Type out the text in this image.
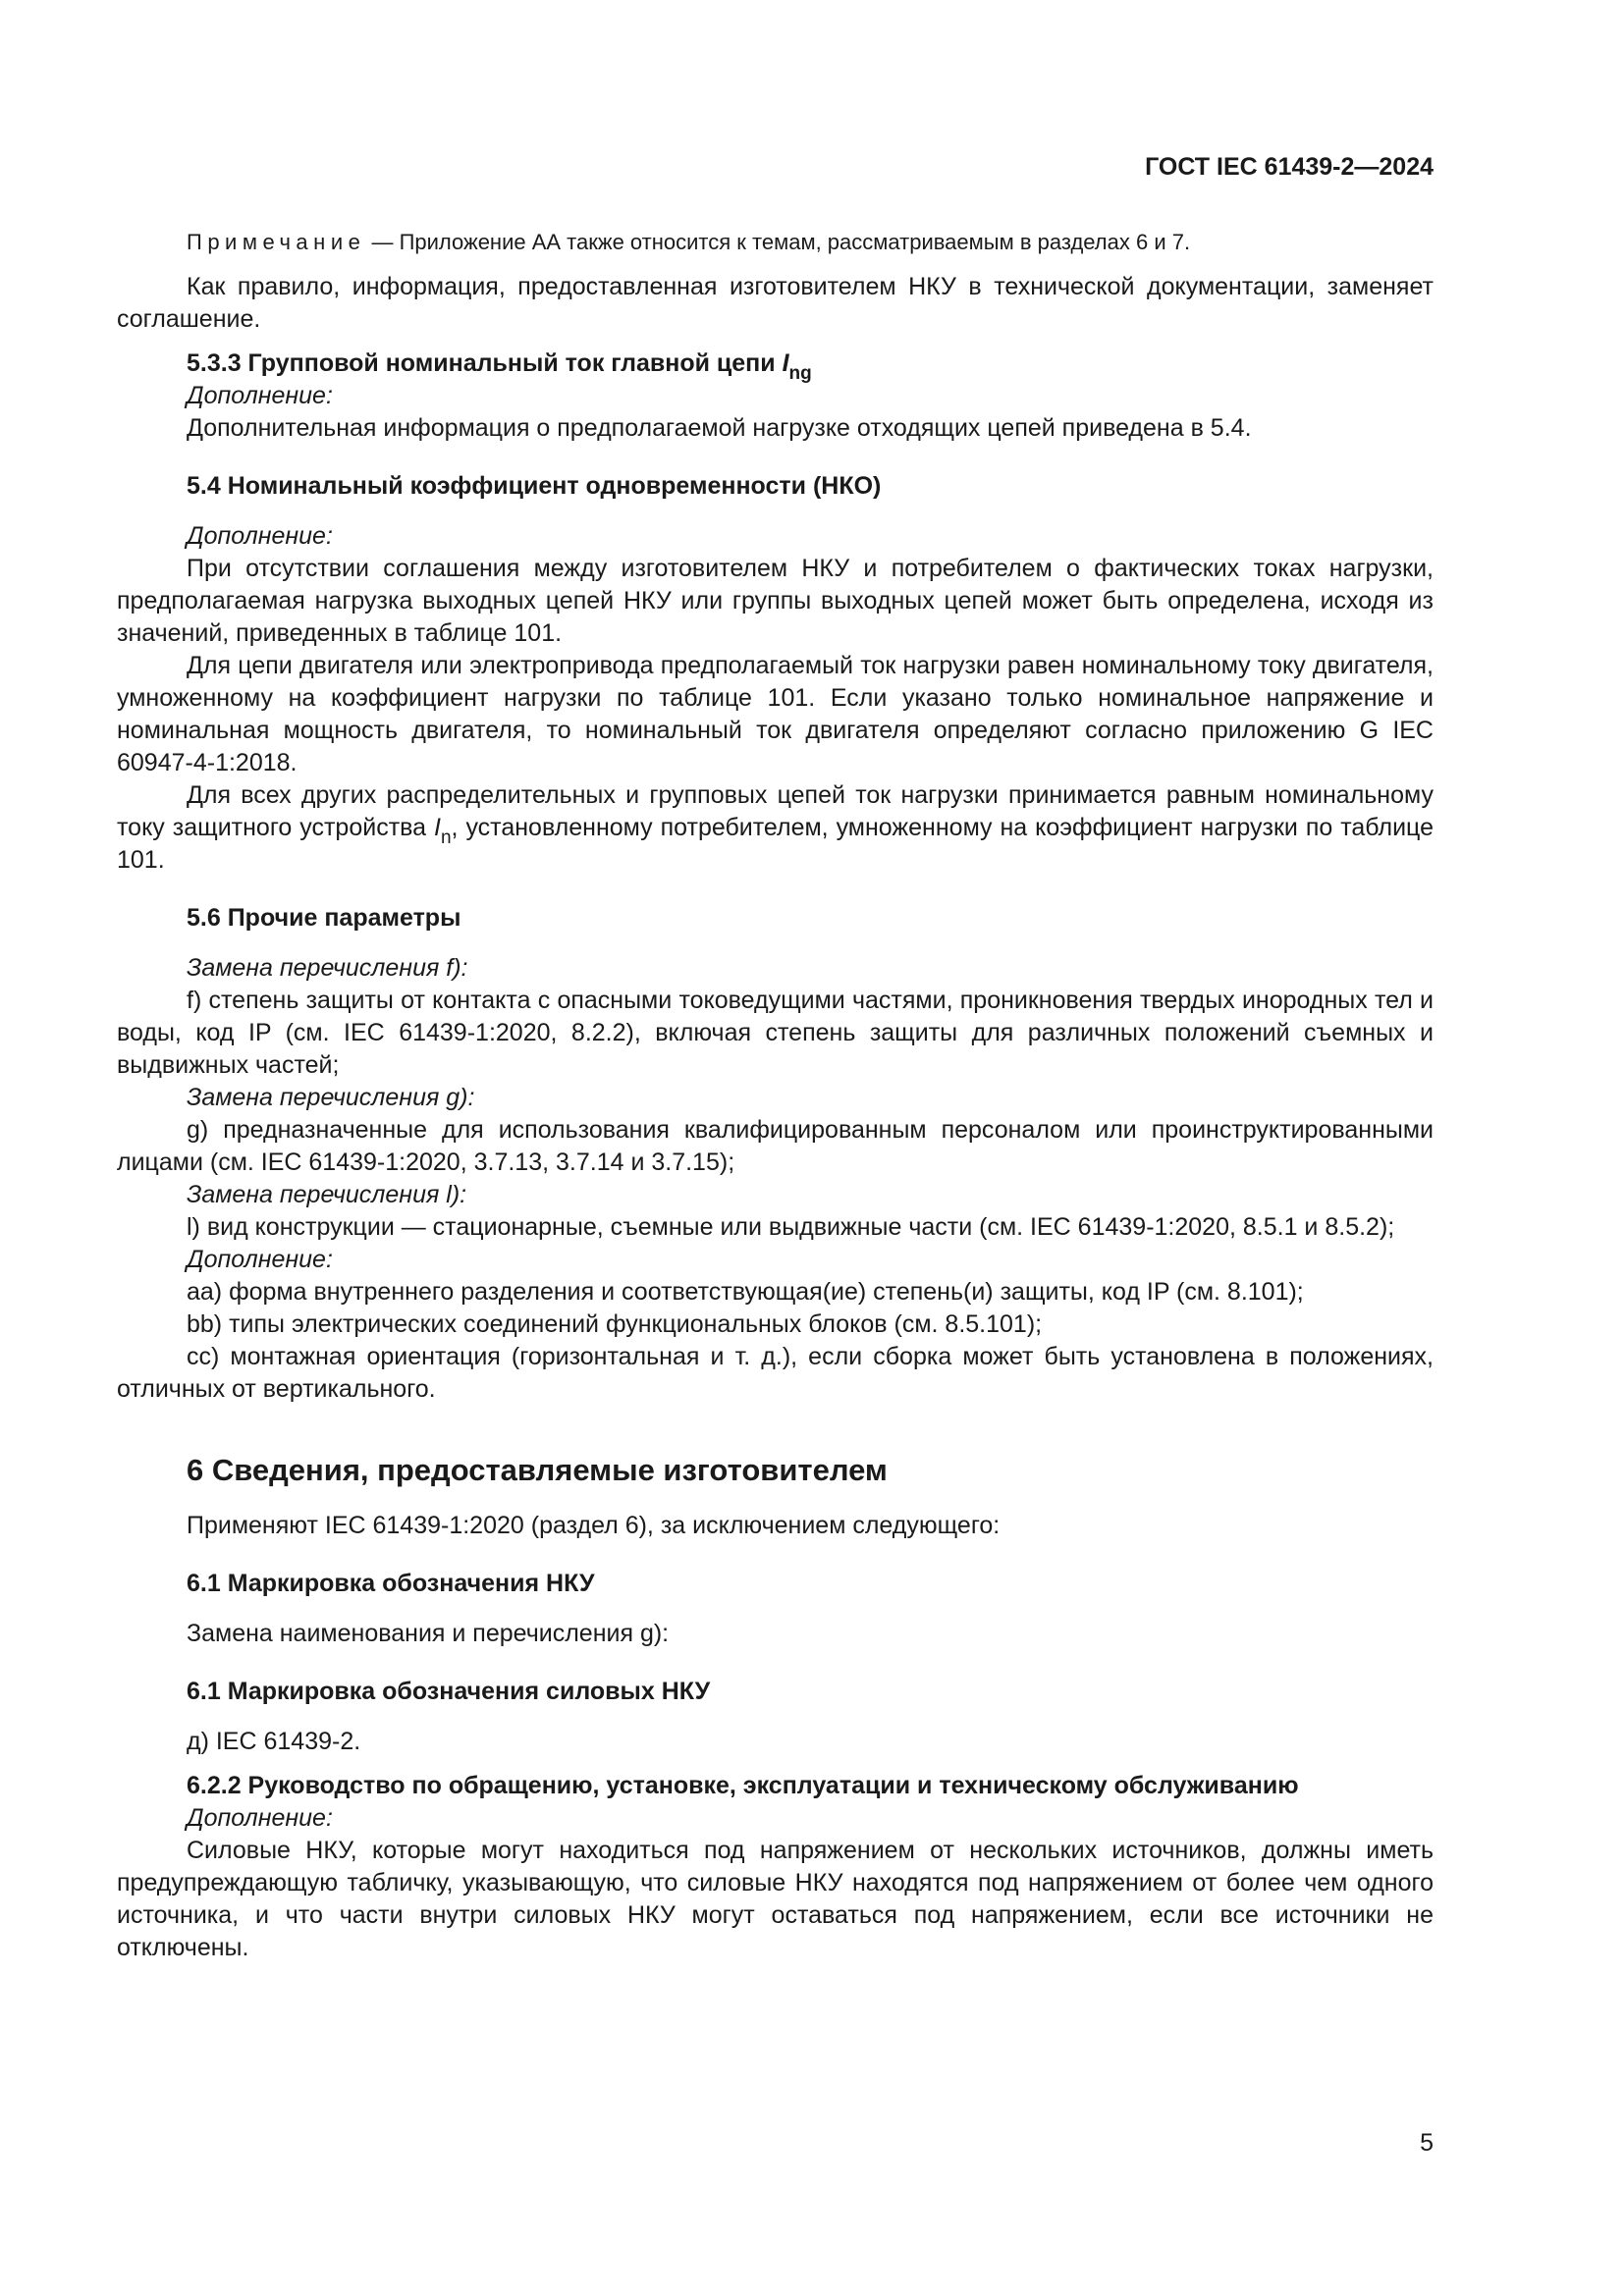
ГОСТ IEC 61439-2—2024

Примечание — Приложение АА также относится к темам, рассматриваемым в разделах 6 и 7.

Как правило, информация, предоставленная изготовителем НКУ в технической документации, заменяет соглашение.

5.3.3 Групповой номинальный ток главной цепи $I_{ng}$

Дополнение:

Дополнительная информация о предполагаемой нагрузке отходящих цепей приведена в 5.4.

5.4 Номинальный коэффициент одновременности (НКО)

Дополнение:

При отсутствии соглашения между изготовителем НКУ и потребителем о фактических токах нагрузки, предполагаемая нагрузка выходных цепей НКУ или группы выходных цепей может быть определена, исходя из значений, приведенных в таблице 101.

Для цепи двигателя или электропривода предполагаемый ток нагрузки равен номинальному току двигателя, умноженному на коэффициент нагрузки по таблице 101. Если указано только номинальное напряжение и номинальная мощность двигателя, то номинальный ток двигателя определяют согласно приложению G IEC 60947-4-1:2018.

Для всех других распределительных и групповых цепей ток нагрузки принимается равным номинальному току защитного устройства $I_n$, установленному потребителем, умноженному на коэффициент нагрузки по таблице 101.

5.6 Прочие параметры

Замена перечисления f):

f) степень защиты от контакта с опасными токоведущими частями, проникновения твердых инородных тел и воды, код IP (см. IEC 61439-1:2020, 8.2.2), включая степень защиты для различных положений съемных и выдвижных частей;

Замена перечисления g):

g) предназначенные для использования квалифицированным персоналом или проинструктированными лицами (см. IEC 61439-1:2020, 3.7.13, 3.7.14 и 3.7.15);

Замена перечисления l):

l) вид конструкции — стационарные, съемные или выдвижные части (см. IEC 61439-1:2020, 8.5.1 и 8.5.2);

Дополнение:

аа) форма внутреннего разделения и соответствующая(ие) степень(и) защиты, код IP (см. 8.101);

bb) типы электрических соединений функциональных блоков (см. 8.5.101);

сс) монтажная ориентация (горизонтальная и т. д.), если сборка может быть установлена в положениях, отличных от вертикального.

6 Сведения, предоставляемые изготовителем

Применяют IEC 61439-1:2020 (раздел 6), за исключением следующего:

6.1 Маркировка обозначения НКУ

Замена наименования и перечисления g):

6.1 Маркировка обозначения силовых НКУ

д) IEC 61439-2.

6.2.2 Руководство по обращению, установке, эксплуатации и техническому обслуживанию

Дополнение:

Силовые НКУ, которые могут находиться под напряжением от нескольких источников, должны иметь предупреждающую табличку, указывающую, что силовые НКУ находятся под напряжением от более чем одного источника, и что части внутри силовых НКУ могут оставаться под напряжением, если все источники не отключены.

5
